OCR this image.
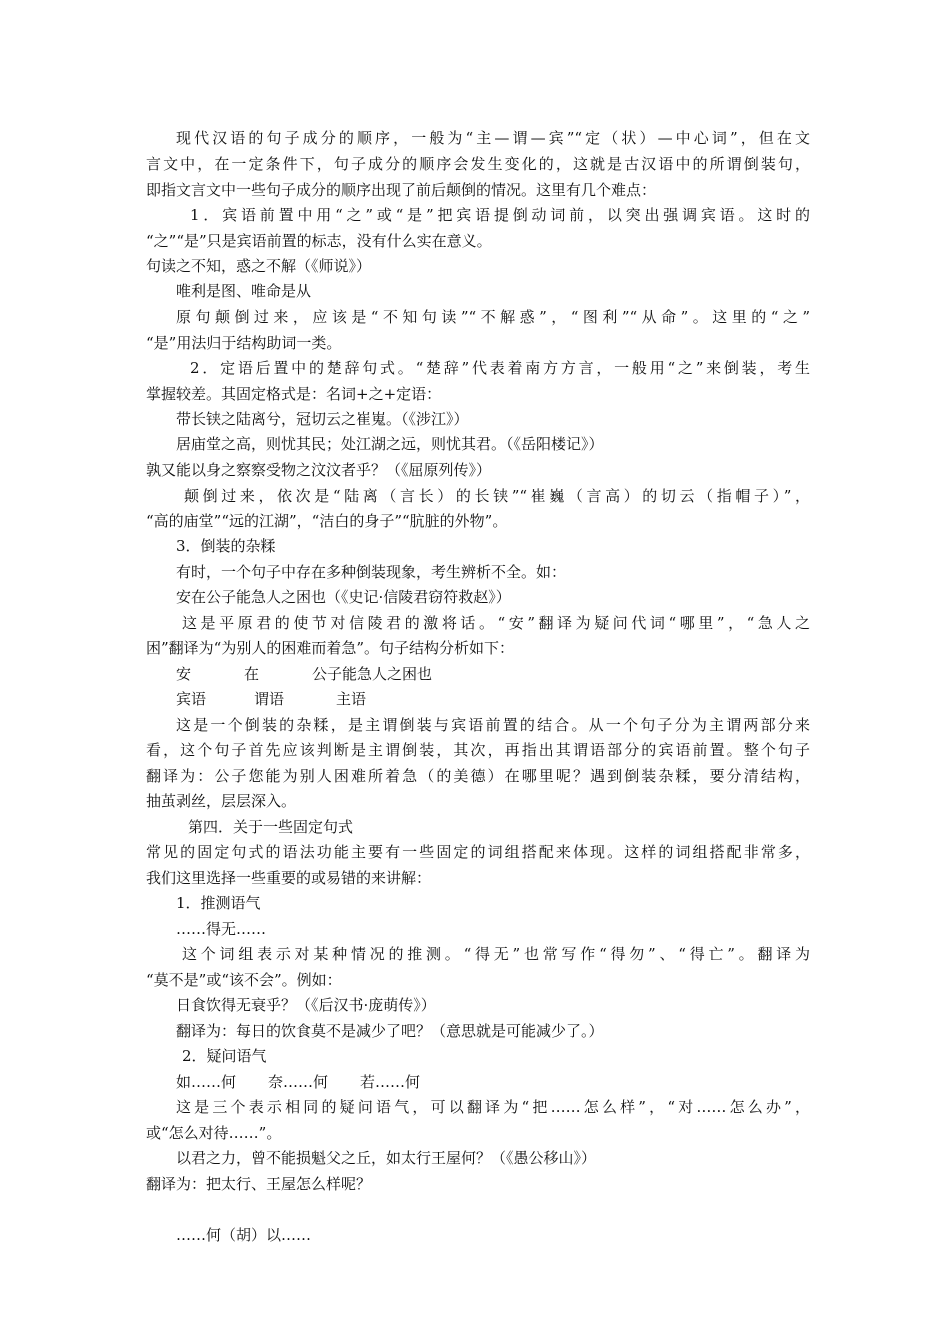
现代汉语的句子成分的顺序，一般为“主—谓—宾”“定（状）—中心词”，但在文

言文中，在一定条件下，句子成分的顺序会发生变化的，这就是古汉语中的所谓倒装句，

即指文言文中一些句子成分的顺序出现了前后颠倒的情况。这里有几个难点：

1．宾语前置中用“之”或“是”把宾语提倒动词前，以突出强调宾语。这时的

“之”“是”只是宾语前置的标志，没有什么实在意义。

句读之不知，惑之不解（《师说》）

唯利是图、唯命是从

原句颠倒过来，应该是“不知句读”“不解惑”，“图利”“从命”。这里的“之”

“是”用法归于结构助词一类。

2．定语后置中的楚辞句式。“楚辞”代表着南方方言，一般用“之”来倒装，考生

掌握较差。其固定格式是：名词+之+定语：

带长铗之陆离兮，冠切云之崔嵬。（《涉江》）

居庙堂之高，则忧其民；处江湖之远，则忧其君。（《岳阳楼记》）

孰又能以身之察察受物之汶汶者乎？（《屈原列传》）

颠倒过来，依次是“陆离（言长）的长铗”“崔巍（言高）的切云（指帽子）”，

“高的庙堂”“远的江湖”，“洁白的身子”“肮脏的外物”。

3．倒装的杂糅

有时，一个句子中存在多种倒装现象，考生辨析不全。如：

安在公子能急人之困也（《史记·信陵君窃符救赵》）

这是平原君的使节对信陵君的激将话。“安”翻译为疑问代词“哪里”，“急人之

困”翻译为“为别人的困难而着急”。句子结构分析如下：

安	在	公子能急人之困也
宾语	谓语	主语

这是一个倒装的杂糅，是主谓倒装与宾语前置的结合。从一个句子分为主谓两部分来

看，这个句子首先应该判断是主谓倒装，其次，再指出其谓语部分的宾语前置。整个句子

翻译为：公子您能为别人困难所着急（的美德）在哪里呢？遇到倒装杂糅，要分清结构，

抽茧剥丝，层层深入。

第四．关于一些固定句式

常见的固定句式的语法功能主要有一些固定的词组搭配来体现。这样的词组搭配非常多，

我们这里选择一些重要的或易错的来讲解：

1．推测语气

……得无……

这个词组表示对某种情况的推测。“得无”也常写作“得勿”、“得亡”。翻译为

“莫不是”或“该不会”。例如：

日食饮得无衰乎？（《后汉书·庞萌传》）

翻译为：每日的饮食莫不是减少了吧？（意思就是可能减少了。）

2．疑问语气

如……何 奈……何 若……何

这是三个表示相同的疑问语气，可以翻译为“把……怎么样”，“对……怎么办”，

或“怎么对待……”。

以君之力，曾不能损魁父之丘，如太行王屋何？（《愚公移山》）

翻译为：把太行、王屋怎么样呢？

……何（胡）以……
